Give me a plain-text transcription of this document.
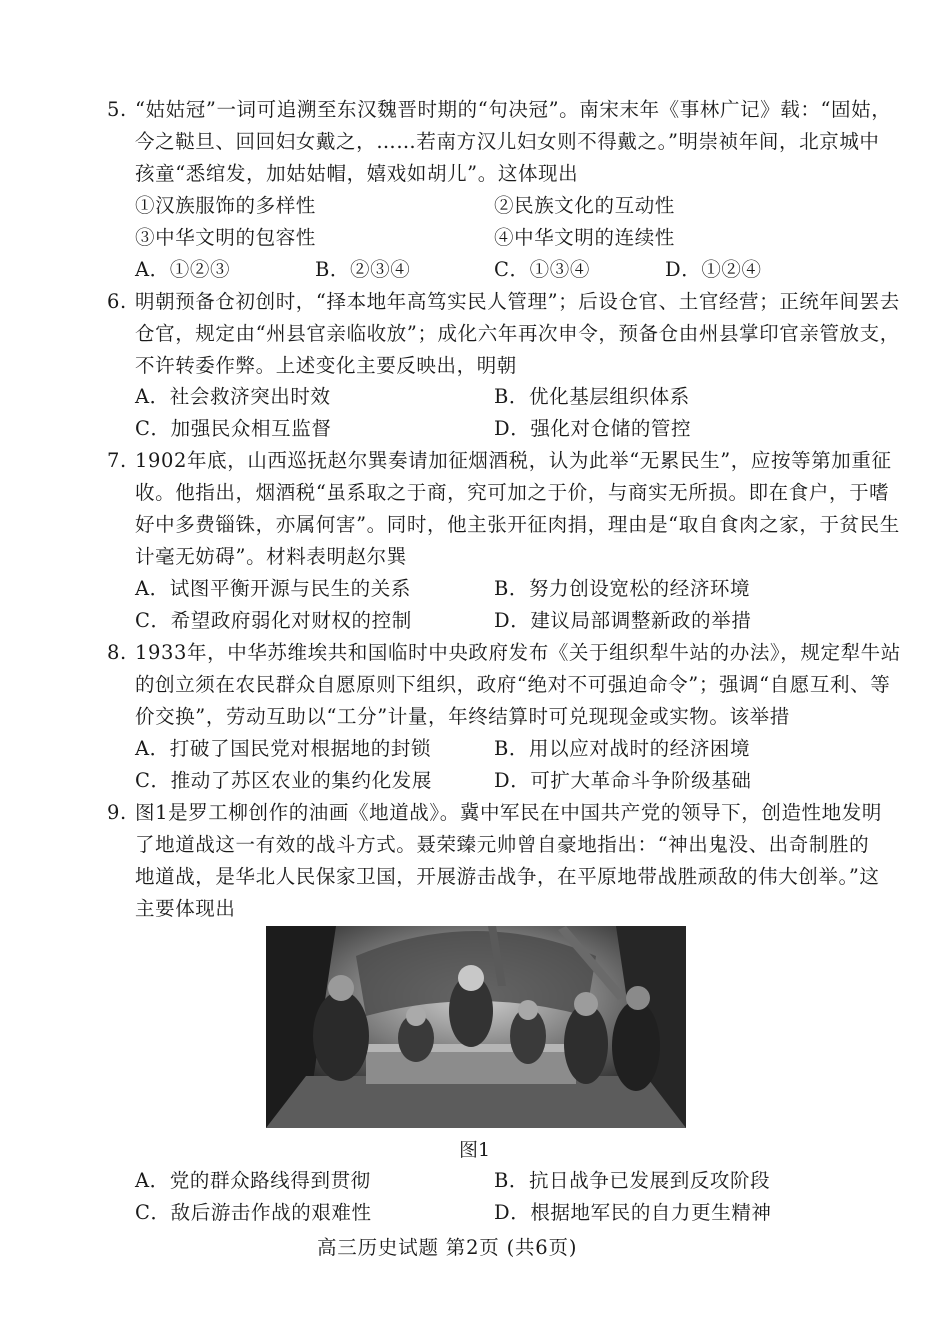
5. “姑姑冠”一词可追溯至东汉魏晋时期的“句决冠”。南宋末年《事林广记》载：“固姑，
今之鞑旦、回回妇女戴之，……若南方汉儿妇女则不得戴之。”明崇祯年间，北京城中
孩童“悉绾发，加姑姑帽，嬉戏如胡儿”。这体现出
①汉族服饰的多样性	②民族文化的互动性
③中华文明的包容性	④中华文明的连续性
A．①②③	B．②③④	C．①③④	D．①②④
6. 明朝预备仓初创时，“择本地年高笃实民人管理”；后设仓官、土官经营；正统年间罢去
仓官，规定由“州县官亲临收放”；成化六年再次申令，预备仓由州县掌印官亲管放支，
不许转委作弊。上述变化主要反映出，明朝
A．社会救济突出时效	B．优化基层组织体系
C．加强民众相互监督	D．强化对仓储的管控
7. 1902年底，山西巡抚赵尔巽奏请加征烟酒税，认为此举“无累民生”，应按等第加重征
收。他指出，烟酒税“虽系取之于商，究可加之于价，与商实无所损。即在食户，于嗜
好中多费锱铢，亦属何害”。同时，他主张开征肉捐，理由是“取自食肉之家，于贫民生
计毫无妨碍”。材料表明赵尔巽
A．试图平衡开源与民生的关系	B．努力创设宽松的经济环境
C．希望政府弱化对财权的控制	D．建议局部调整新政的举措
8. 1933年，中华苏维埃共和国临时中央政府发布《关于组织犁牛站的办法》，规定犁牛站
的创立须在农民群众自愿原则下组织，政府“绝对不可强迫命令”；强调“自愿互利、等
价交换”，劳动互助以“工分”计量，年终结算时可兑现现金或实物。该举措
A．打破了国民党对根据地的封锁	B．用以应对战时的经济困境
C．推动了苏区农业的集约化发展	D．可扩大革命斗争阶级基础
9. 图1是罗工柳创作的油画《地道战》。冀中军民在中国共产党的领导下，创造性地发明
了地道战这一有效的战斗方式。聂荣臻元帅曾自豪地指出：“神出鬼没、出奇制胜的
地道战，是华北人民保家卫国，开展游击战争，在平原地带战胜顽敌的伟大创举。”这
主要体现出
图1
A．党的群众路线得到贯彻	B．抗日战争已发展到反攻阶段
C．敌后游击作战的艰难性	D．根据地军民的自力更生精神
高三历史试题 第2页 (共6页)
